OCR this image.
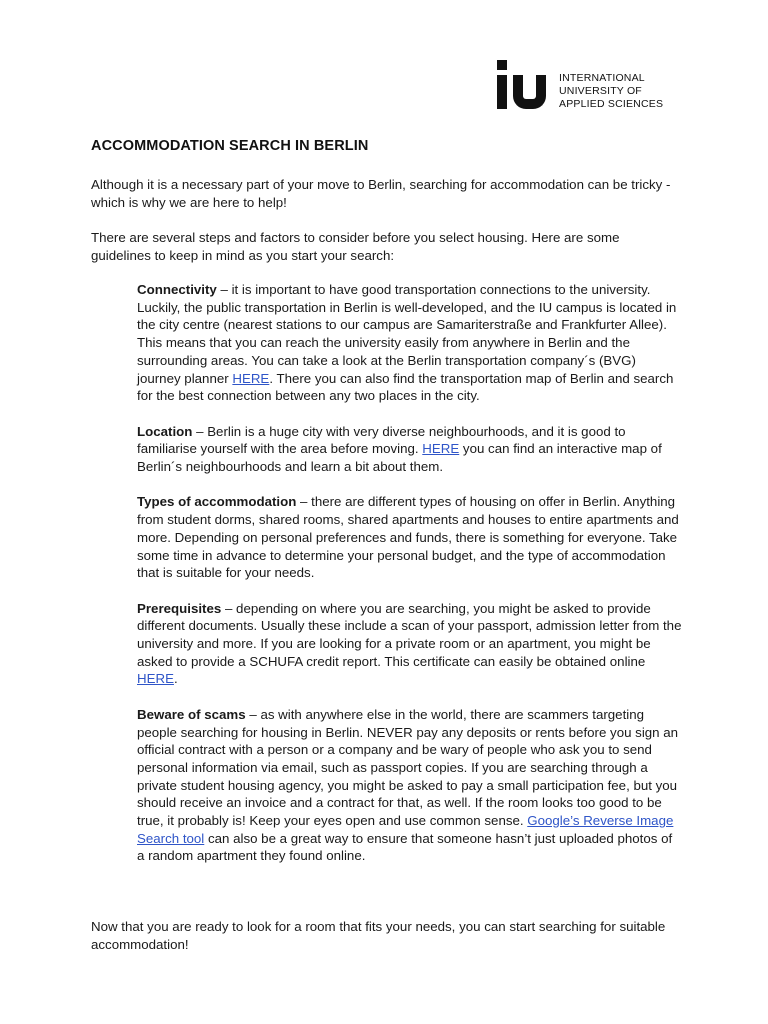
INTERNATIONAL
UNIVERSITY OF
APPLIED SCIENCES
ACCOMMODATION SEARCH IN BERLIN

Although it is a necessary part of your move to Berlin, searching for accommodation can be tricky - which is why we are here to help!

There are several steps and factors to consider before you select housing. Here are some guidelines to keep in mind as you start your search:

Connectivity – it is important to have good transportation connections to the university. Luckily, the public transportation in Berlin is well-developed, and the IU campus is located in the city centre (nearest stations to our campus are Samariterstraße and Frankfurter Allee). This means that you can reach the university easily from anywhere in Berlin and the surrounding areas. You can take a look at the Berlin transportation company´s (BVG) journey planner HERE. There you can also find the transportation map of Berlin and search for the best connection between any two places in the city.

Location – Berlin is a huge city with very diverse neighbourhoods, and it is good to familiarise yourself with the area before moving. HERE you can find an interactive map of Berlin´s neighbourhoods and learn a bit about them.

Types of accommodation – there are different types of housing on offer in Berlin. Anything from student dorms, shared rooms, shared apartments and houses to entire apartments and more. Depending on personal preferences and funds, there is something for everyone. Take some time in advance to determine your personal budget, and the type of accommodation that is suitable for your needs.

Prerequisites – depending on where you are searching, you might be asked to provide different documents. Usually these include a scan of your passport, admission letter from the university and more. If you are looking for a private room or an apartment, you might be asked to provide a SCHUFA credit report. This certificate can easily be obtained online HERE.

Beware of scams – as with anywhere else in the world, there are scammers targeting people searching for housing in Berlin. NEVER pay any deposits or rents before you sign an official contract with a person or a company and be wary of people who ask you to send personal information via email, such as passport copies. If you are searching through a private student housing agency, you might be asked to pay a small participation fee, but you should receive an invoice and a contract for that, as well. If the room looks too good to be true, it probably is! Keep your eyes open and use common sense. Google’s Reverse Image Search tool can also be a great way to ensure that someone hasn’t just uploaded photos of a random apartment they found online.

Now that you are ready to look for a room that fits your needs, you can start searching for suitable accommodation!
